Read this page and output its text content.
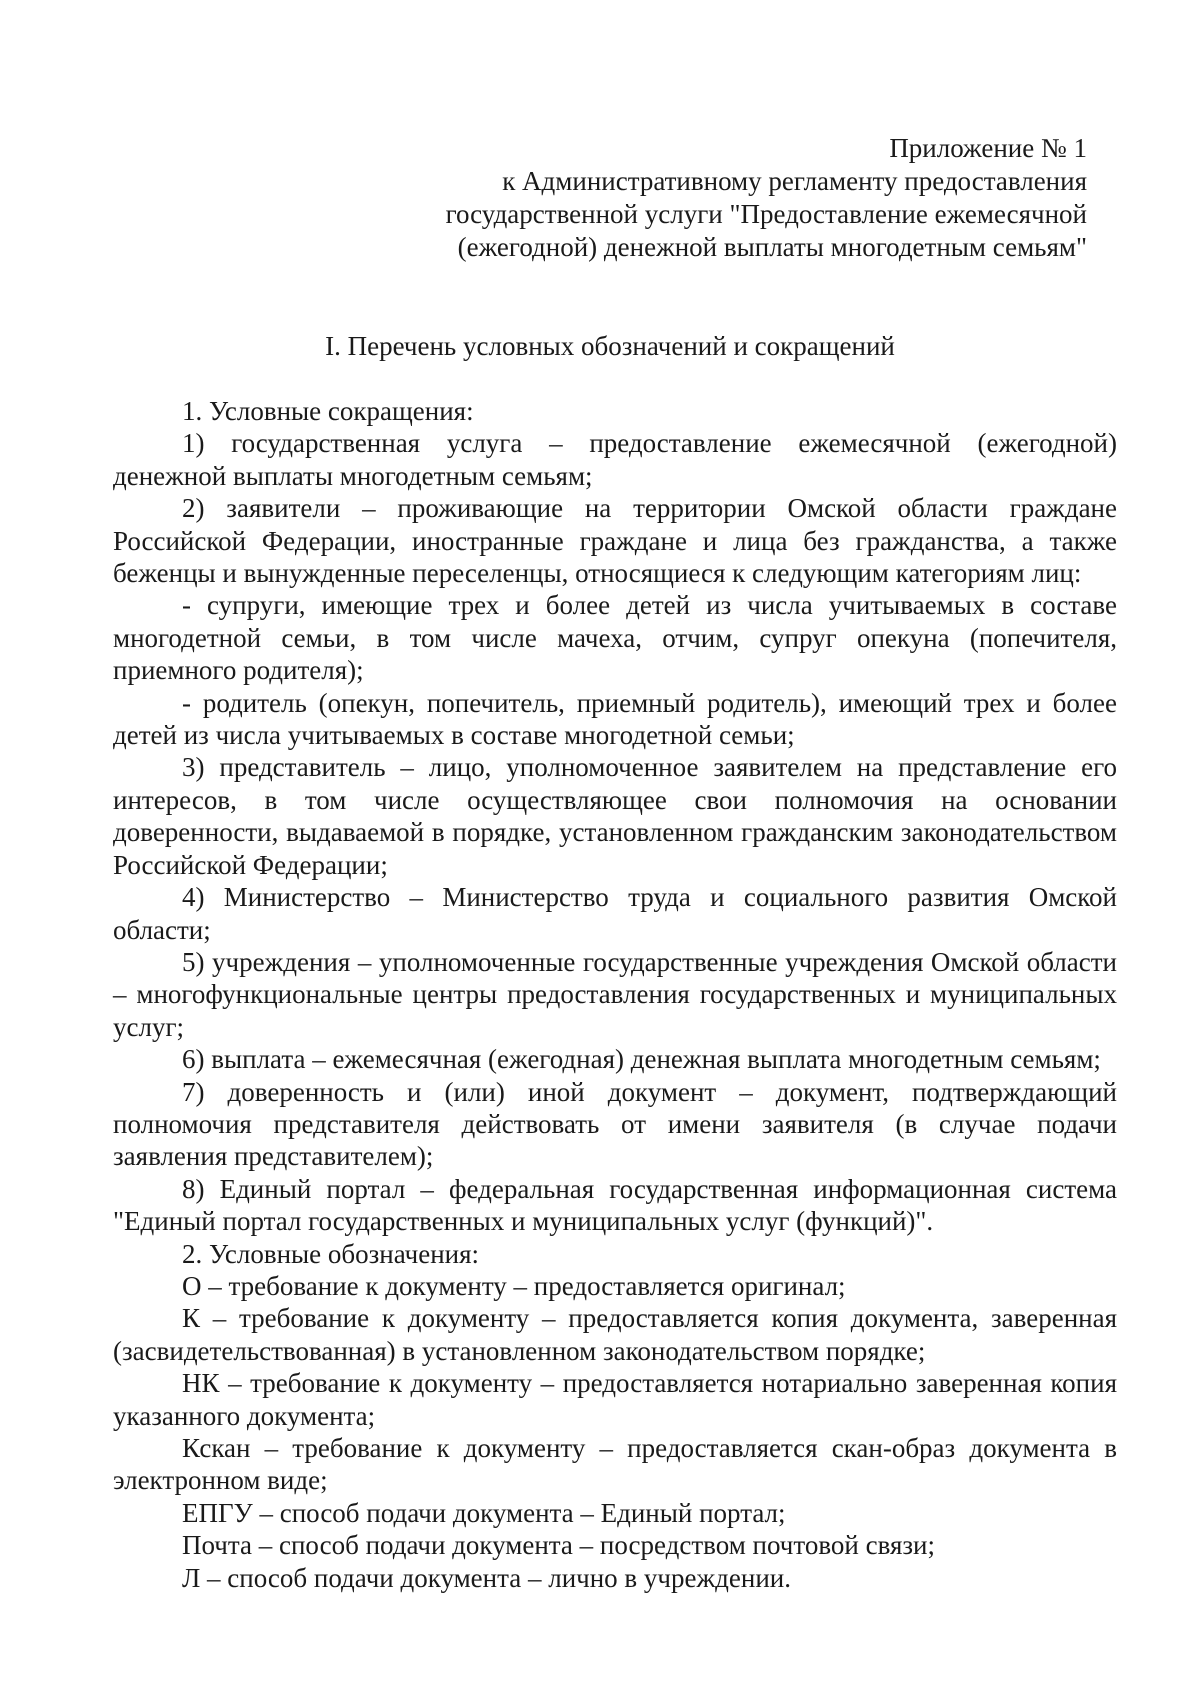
Приложение № 1
к Административному регламенту предоставления
государственной услуги "Предоставление ежемесячной
(ежегодной) денежной выплаты многодетным семьям"
I. Перечень условных обозначений и сокращений

1. Условные сокращения:

1) государственная услуга – предоставление ежемесячной (ежегодной) денежной выплаты многодетным семьям;

2) заявители – проживающие на территории Омской области граждане Российской Федерации, иностранные граждане и лица без гражданства, а также беженцы и вынужденные переселенцы, относящиеся к следующим категориям лиц:

- супруги, имеющие трех и более детей из числа учитываемых в составе многодетной семьи, в том числе мачеха, отчим, супруг опекуна (попечителя, приемного родителя);

- родитель (опекун, попечитель, приемный родитель), имеющий трех и более детей из числа учитываемых в составе многодетной семьи;

3) представитель – лицо, уполномоченное заявителем на представление его интересов, в том числе осуществляющее свои полномочия на основании доверенности, выдаваемой в порядке, установленном гражданским законодательством Российской Федерации;

4) Министерство – Министерство труда и социального развития Омской области;

5) учреждения – уполномоченные государственные учреждения Омской области – многофункциональные центры предоставления государственных и муниципальных услуг;

6) выплата – ежемесячная (ежегодная) денежная выплата многодетным семьям;

7) доверенность и (или) иной документ – документ, подтверждающий полномочия представителя действовать от имени заявителя (в случае подачи заявления представителем);

8) Единый портал – федеральная государственная информационная система "Единый портал государственных и муниципальных услуг (функций)".

2. Условные обозначения:

О – требование к документу – предоставляется оригинал;

К – требование к документу – предоставляется копия документа, заверенная (засвидетельствованная) в установленном законодательством порядке;

НК – требование к документу – предоставляется нотариально заверенная копия указанного документа;

Кскан – требование к документу – предоставляется скан-образ документа в электронном виде;

ЕПГУ – способ подачи документа – Единый портал;

Почта – способ подачи документа – посредством почтовой связи;

Л – способ подачи документа – лично в учреждении.
